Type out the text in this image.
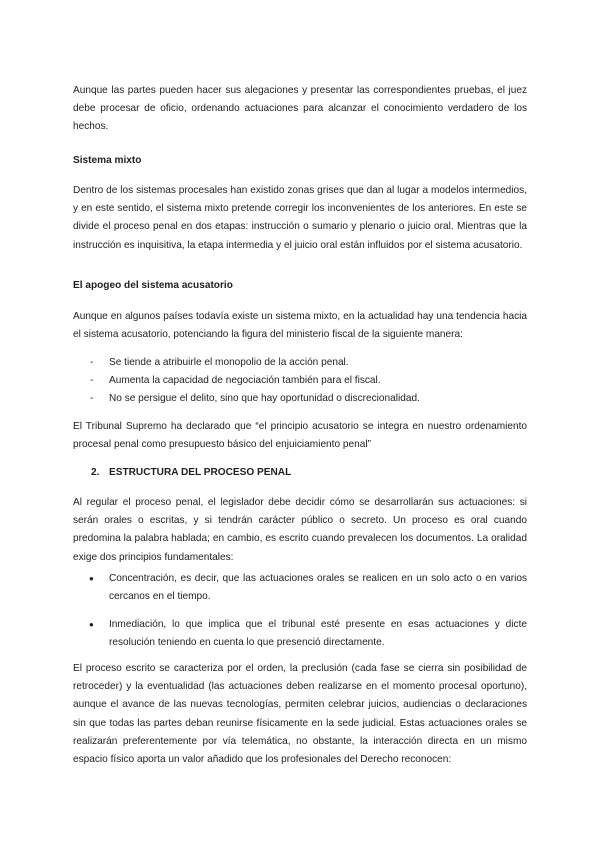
Aunque las partes pueden hacer sus alegaciones y presentar las correspondientes pruebas, el juez debe procesar de oficio, ordenando actuaciones para alcanzar el conocimiento verdadero de los hechos.

Sistema mixto

Dentro de los sistemas procesales han existido zonas grises que dan al lugar a modelos intermedios, y en este sentido, el sistema mixto pretende corregir los inconvenientes de los anteriores. En este se divide el proceso penal en dos etapas: instrucción o sumario y plenario o juicio oral. Mientras que la instrucción es inquisitiva, la etapa intermedia y el juicio oral están influidos por el sistema acusatorio.

El apogeo del sistema acusatorio

Aunque en algunos países todavía existe un sistema mixto, en la actualidad hay una tendencia hacia el sistema acusatorio, potenciando la figura del ministerio fiscal de la siguiente manera:

- Se tiende a atribuirle el monopolio de la acción penal.
- Aumenta la capacidad de negociación también para el fiscal.
- No se persigue el delito, sino que hay oportunidad o discrecionalidad.

El Tribunal Supremo ha declarado que “el principio acusatorio se integra en nuestro ordenamiento procesal penal como presupuesto básico del enjuiciamiento penal”

2. ESTRUCTURA DEL PROCESO PENAL

Al regular el proceso penal, el legislador debe decidir cómo se desarrollarán sus actuaciones: si serán orales o escritas, y si tendrán carácter público o secreto. Un proceso es oral cuando predomina la palabra hablada; en cambio, es escrito cuando prevalecen los documentos. La oralidad exige dos principios fundamentales:

● Concentración, es decir, que las actuaciones orales se realicen en un solo acto o en varios cercanos en el tiempo.
● Inmediación, lo que implica que el tribunal esté presente en esas actuaciones y dicte resolución teniendo en cuenta lo que presenció directamente.

El proceso escrito se caracteriza por el orden, la preclusión (cada fase se cierra sin posibilidad de retroceder) y la eventualidad (las actuaciones deben realizarse en el momento procesal oportuno), aunque el avance de las nuevas tecnologías, permiten celebrar juicios, audiencias o declaraciones sin que todas las partes deban reunirse físicamente en la sede judicial. Estas actuaciones orales se realizarán preferentemente por vía telemática, no obstante, la interacción directa en un mismo espacio físico aporta un valor añadido que los profesionales del Derecho reconocen:
